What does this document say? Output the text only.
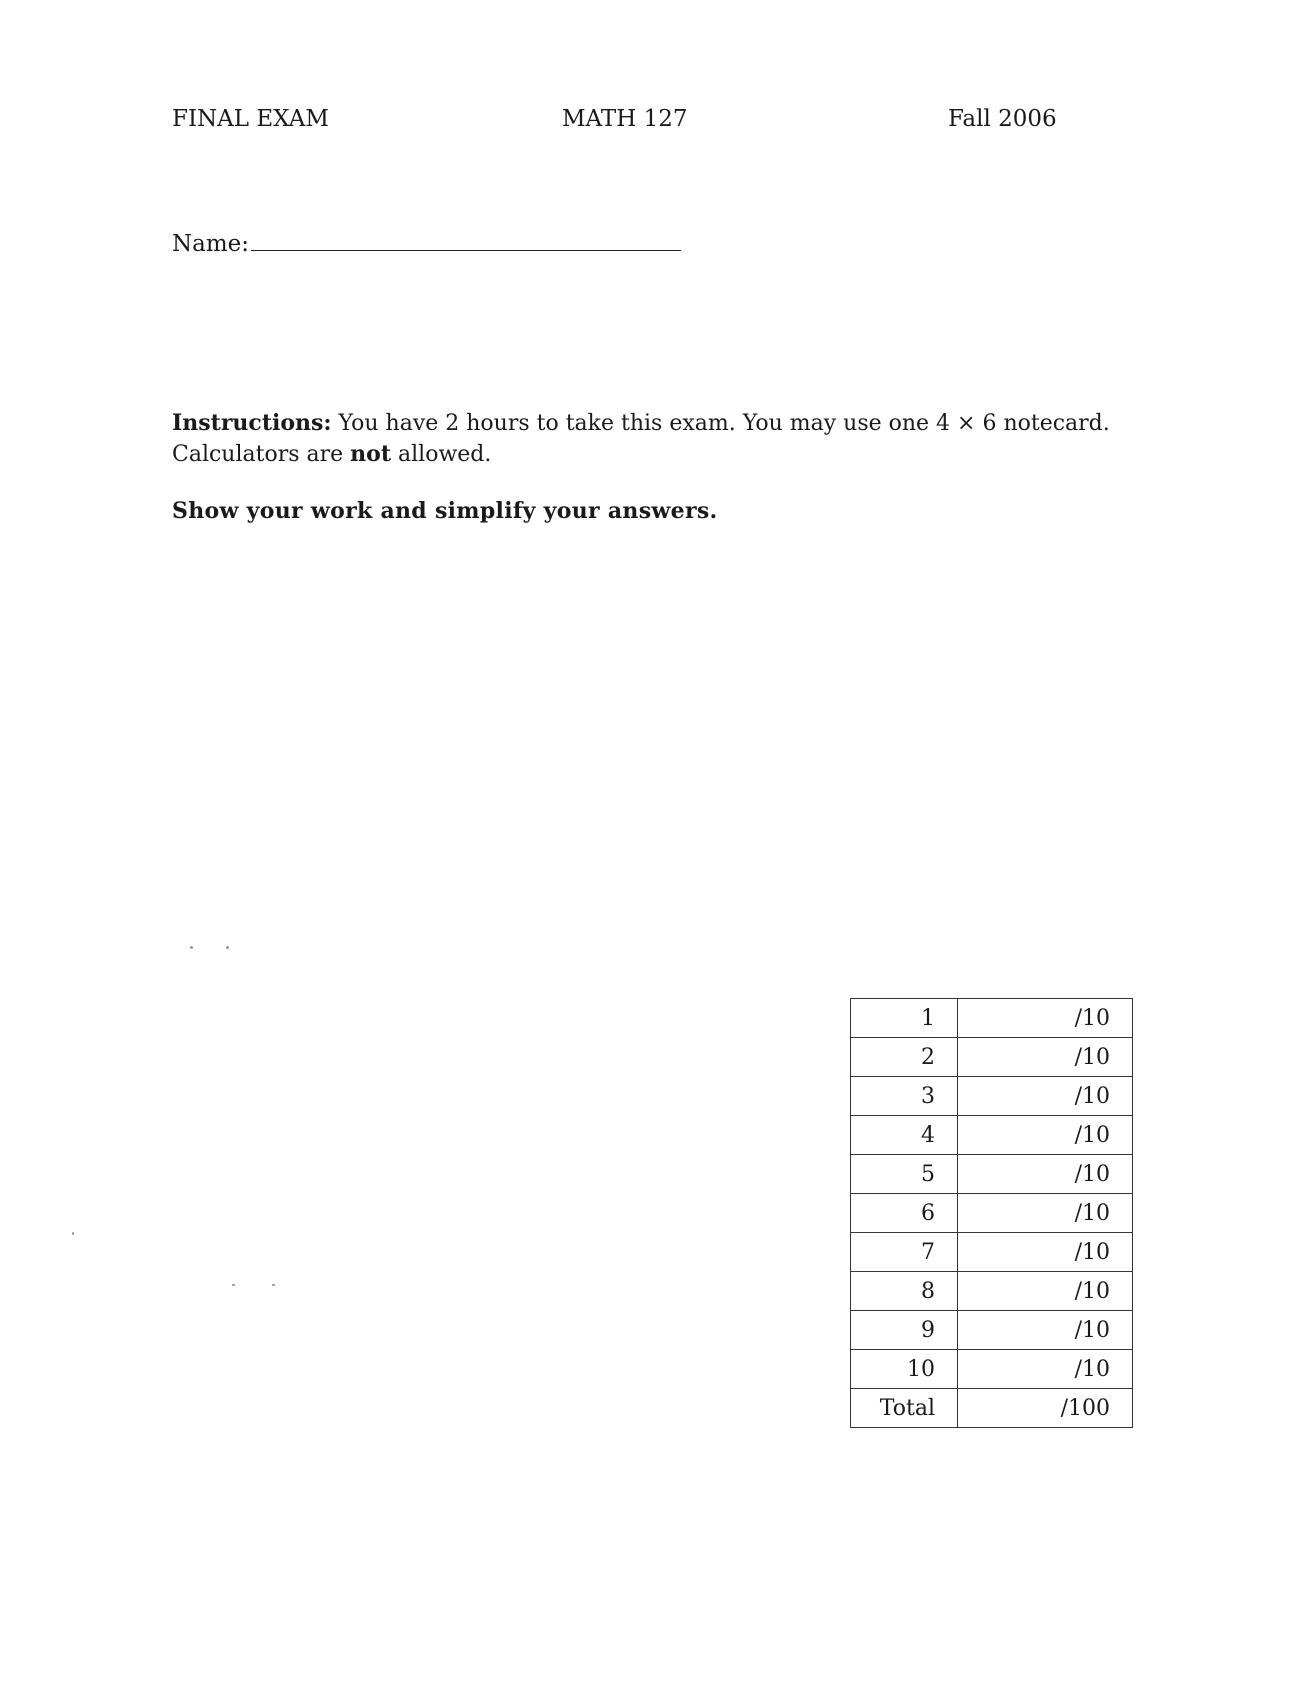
FINAL EXAM	MATH 127	Fall 2006
Name:
Instructions: You have 2 hours to take this exam. You may use one 4 × 6 notecard. Calculators are not allowed.
Show your work and simplify your answers.
1	/10
2	/10
3	/10
4	/10
5	/10
6	/10
7	/10
8	/10
9	/10
10	/10
Total	/100
